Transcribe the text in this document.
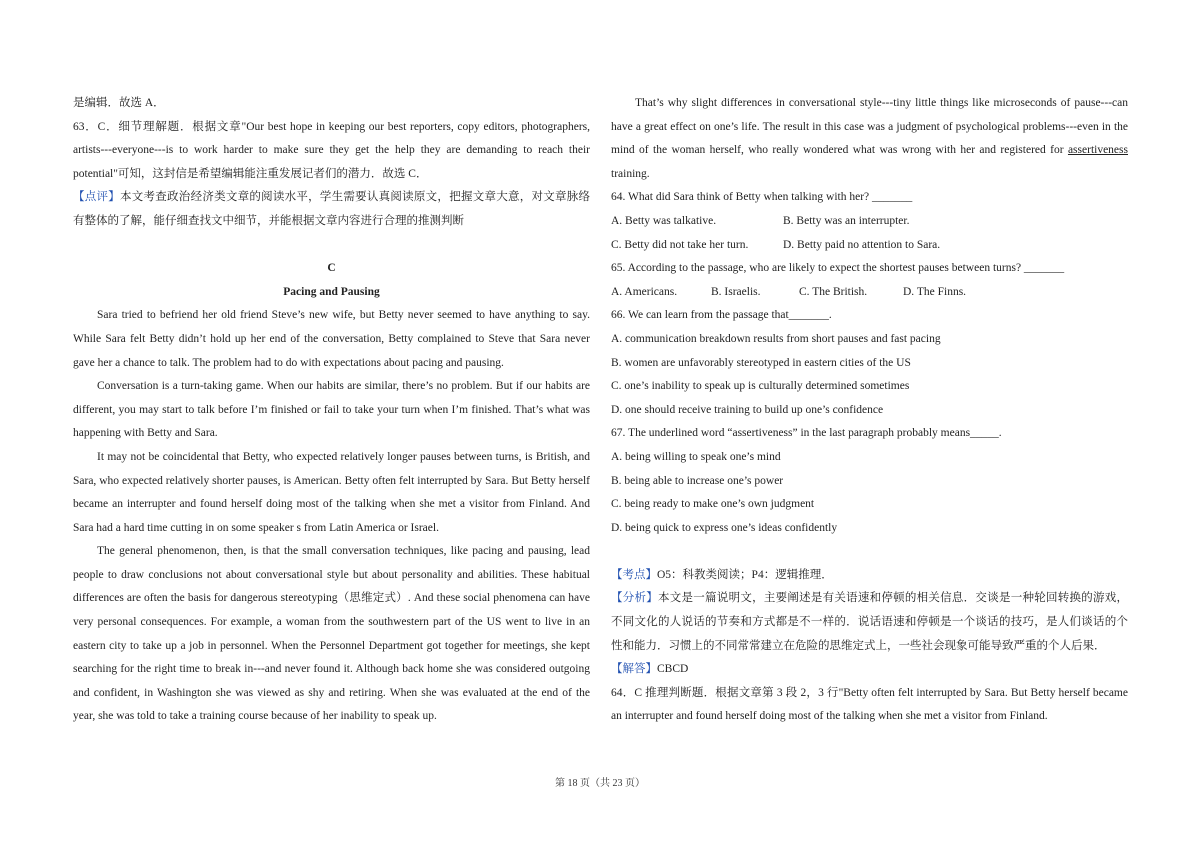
是编辑．故选 A．

63．C．细节理解题．根据文章"Our best hope in keeping our best reporters, copy editors, photographers, artists---everyone---is to work harder to make sure they get the help they are demanding to reach their potential"可知，这封信是希望编辑能注重发展记者们的潜力．故选 C．

【点评】本文考查政治经济类文章的阅读水平，学生需要认真阅读原文，把握文章大意，对文章脉络有整体的了解，能仔细查找文中细节，并能根据文章内容进行合理的推测判断

C

Pacing and Pausing

Sara tried to befriend her old friend Steve’s new wife, but Betty never seemed to have anything to say. While Sara felt Betty didn’t hold up her end of the conversation, Betty complained to Steve that Sara never gave her a chance to talk. The problem had to do with expectations about pacing and pausing.

Conversation is a turn-taking game. When our habits are similar, there’s no problem. But if our habits are different, you may start to talk before I’m finished or fail to take your turn when I’m finished. That’s what was happening with Betty and Sara.

It may not be coincidental that Betty, who expected relatively longer pauses between turns, is British, and Sara, who expected relatively shorter pauses, is American. Betty often felt interrupted by Sara. But Betty herself became an interrupter and found herself doing most of the talking when she met a visitor from Finland. And Sara had a hard time cutting in on some speaker s from Latin America or Israel.

The general phenomenon, then, is that the small conversation techniques, like pacing and pausing, lead people to draw conclusions not about conversational style but about personality and abilities. These habitual differences are often the basis for dangerous stereotyping（思维定式）. And these social phenomena can have very personal consequences. For example, a woman from the southwestern part of the US went to live in an eastern city to take up a job in personnel. When the Personnel Department got together for meetings, she kept searching for the right time to break in---and never found it. Although back home she was considered outgoing and confident, in Washington she was viewed as shy and retiring. When she was evaluated at the end of the year, she was told to take a training course because of her inability to speak up.

That’s why slight differences in conversational style---tiny little things like microseconds of pause---can have a great effect on one’s life. The result in this case was a judgment of psychological problems---even in the mind of the woman herself, who really wondered what was wrong with her and registered for assertiveness training.

64. What did Sara think of Betty when talking with her? _______

A. Betty was talkative.	B. Betty was an interrupter.

C. Betty did not take her turn.	D. Betty paid no attention to Sara.

65. According to the passage, who are likely to expect the shortest pauses between turns? _______

A. Americans.	B. Israelis.	C. The British.	D. The Finns.

66. We can learn from the passage that_______.

A. communication breakdown results from short pauses and fast pacing

B. women are unfavorably stereotyped in eastern cities of the US

C. one’s inability to speak up is culturally determined sometimes

D. one should receive training to build up one’s confidence

67. The underlined word “assertiveness” in the last paragraph probably means_____.

A. being willing to speak one’s mind

B. being able to increase one’s power

C. being ready to make one’s own judgment

D. being quick to express one’s ideas confidently

【考点】O5：科教类阅读；P4：逻辑推理．

【分析】本文是一篇说明文，主要阐述是有关语速和停顿的相关信息．交谈是一种轮回转换的游戏，不同文化的人说话的节奏和方式都是不一样的．说话语速和停顿是一个谈话的技巧，是人们谈话的个性和能力．习惯上的不同常常建立在危险的思维定式上，一些社会现象可能导致严重的个人后果．

【解答】CBCD

64．C 推理判断题．根据文章第 3 段 2，3 行"Betty often felt interrupted by Sara. But Betty herself became an interrupter and found herself doing most of the talking when she met a visitor from Finland.

第 18 页（共 23 页）
